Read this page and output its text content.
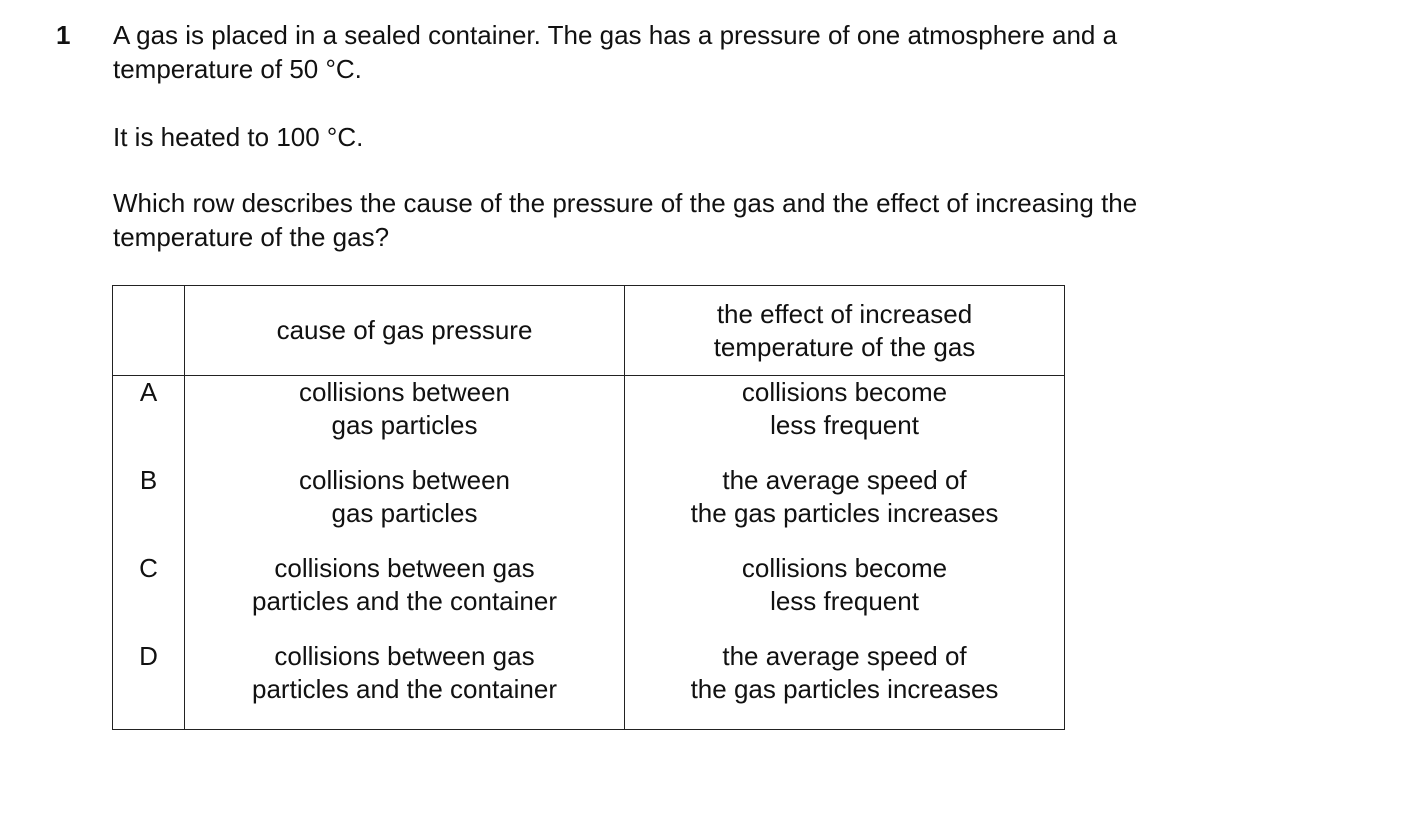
1 A gas is placed in a sealed container. The gas has a pressure of one atmosphere and a
temperature of 50 °C.

It is heated to 100 °C.

Which row describes the cause of the pressure of the gas and the effect of increasing the
temperature of the gas?

	cause of gas pressure	the effect of increased
temperature of the gas

A	collisions between
gas particles	collisions become
less frequent

B	collisions between
gas particles	the average speed of
the gas particles increases

C	collisions between gas
particles and the container	collisions become
less frequent

D	collisions between gas
particles and the container	the average speed of
the gas particles increases
